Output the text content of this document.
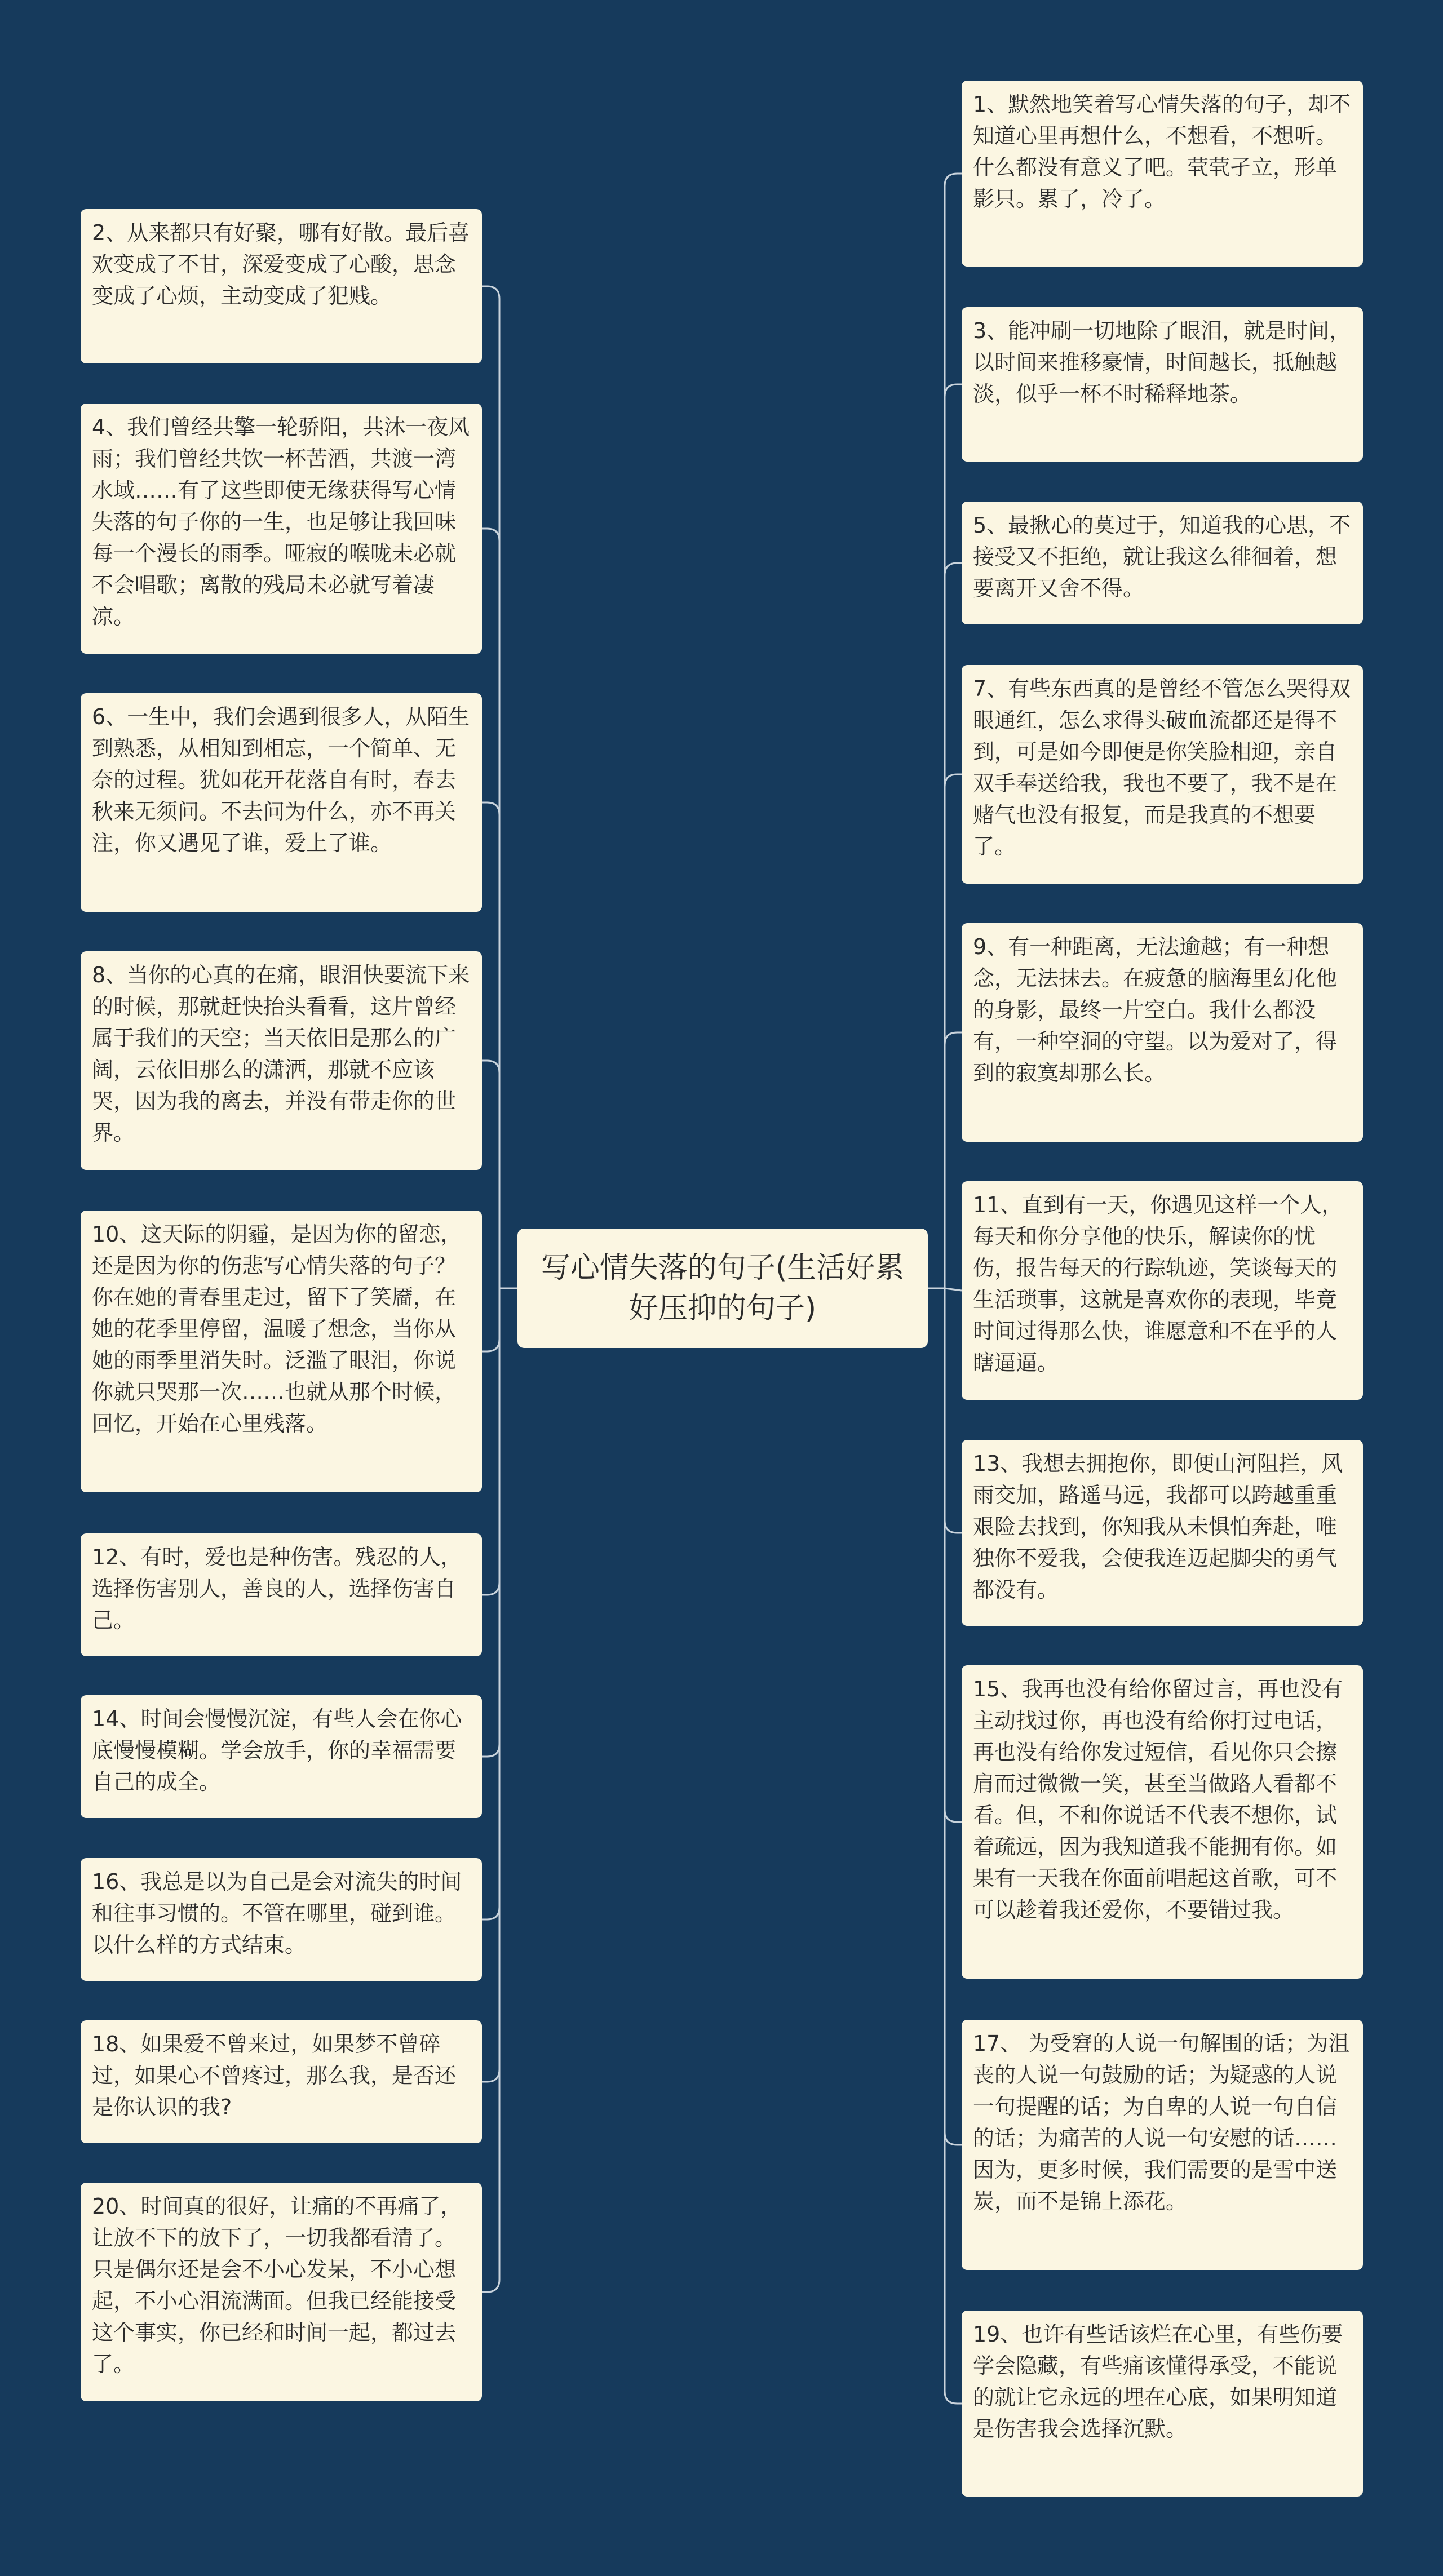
写心情失落的句子(生活好累好压抑的句子)
2、从来都只有好聚，哪有好散。最后喜欢变成了不甘，深爱变成了心酸，思念变成了心烦，主动变成了犯贱。
4、我们曾经共擎一轮骄阳，共沐一夜风雨；我们曾经共饮一杯苦酒，共渡一湾水域……有了这些即使无缘获得写心情失落的句子你的一生，也足够让我回味每一个漫长的雨季。哑寂的喉咙未必就不会唱歌；离散的残局未必就写着凄凉。
6、一生中，我们会遇到很多人，从陌生到熟悉，从相知到相忘，一个简单、无奈的过程。犹如花开花落自有时，春去秋来无须问。不去问为什么，亦不再关注，你又遇见了谁，爱上了谁。
8、当你的心真的在痛，眼泪快要流下来的时候，那就赶快抬头看看，这片曾经属于我们的天空；当天依旧是那么的广阔，云依旧那么的潇洒，那就不应该哭，因为我的离去，并没有带走你的世界。
10、这天际的阴霾，是因为你的留恋，还是因为你的伤悲写心情失落的句子？你在她的青春里走过，留下了笑靥，在她的花季里停留，温暖了想念，当你从她的雨季里消失时。泛滥了眼泪，你说你就只哭那一次……也就从那个时候，回忆，开始在心里残落。
12、有时，爱也是种伤害。残忍的人，选择伤害别人，善良的人，选择伤害自己。
14、时间会慢慢沉淀，有些人会在你心底慢慢模糊。学会放手，你的幸福需要自己的成全。
16、我总是以为自己是会对流失的时间和往事习惯的。不管在哪里，碰到谁。以什么样的方式结束。
18、如果爱不曾来过，如果梦不曾碎过，如果心不曾疼过，那么我，是否还是你认识的我?
20、时间真的很好，让痛的不再痛了，让放不下的放下了，一切我都看清了。只是偶尔还是会不小心发呆，不小心想起，不小心泪流满面。但我已经能接受这个事实，你已经和时间一起，都过去了。
1、默然地笑着写心情失落的句子，却不知道心里再想什么，不想看，不想听。什么都没有意义了吧。茕茕孑立，形单影只。累了，冷了。
3、能冲刷一切地除了眼泪，就是时间，以时间来推移豪情，时间越长，抵触越淡，似乎一杯不时稀释地茶。
5、最揪心的莫过于，知道我的心思，不接受又不拒绝，就让我这么徘徊着，想要离开又舍不得。
7、有些东西真的是曾经不管怎么哭得双眼通红，怎么求得头破血流都还是得不到，可是如今即便是你笑脸相迎，亲自双手奉送给我，我也不要了，我不是在赌气也没有报复，而是我真的不想要了。
9、有一种距离，无法逾越；有一种想念，无法抹去。在疲惫的脑海里幻化他的身影，最终一片空白。我什么都没有，一种空洞的守望。以为爱对了，得到的寂寞却那么长。
11、直到有一天，你遇见这样一个人，每天和你分享他的快乐，解读你的忧伤，报告每天的行踪轨迹，笑谈每天的生活琐事，这就是喜欢你的表现，毕竟时间过得那么快，谁愿意和不在乎的人瞎逼逼。
13、我想去拥抱你，即便山河阻拦，风雨交加，路遥马远，我都可以跨越重重艰险去找到，你知我从未惧怕奔赴，唯独你不爱我，会使我连迈起脚尖的勇气都没有。
15、我再也没有给你留过言，再也没有主动找过你，再也没有给你打过电话，再也没有给你发过短信，看见你只会擦肩而过微微一笑，甚至当做路人看都不看。但，不和你说话不代表不想你，试着疏远，因为我知道我不能拥有你。如果有一天我在你面前唱起这首歌，可不可以趁着我还爱你，不要错过我。
17、 为受窘的人说一句解围的话；为沮丧的人说一句鼓励的话；为疑惑的人说一句提醒的话；为自卑的人说一句自信的话；为痛苦的人说一句安慰的话……因为，更多时候，我们需要的是雪中送炭，而不是锦上添花。
19、也许有些话该烂在心里，有些伤要学会隐藏，有些痛该懂得承受，不能说的就让它永远的埋在心底，如果明知道是伤害我会选择沉默。
